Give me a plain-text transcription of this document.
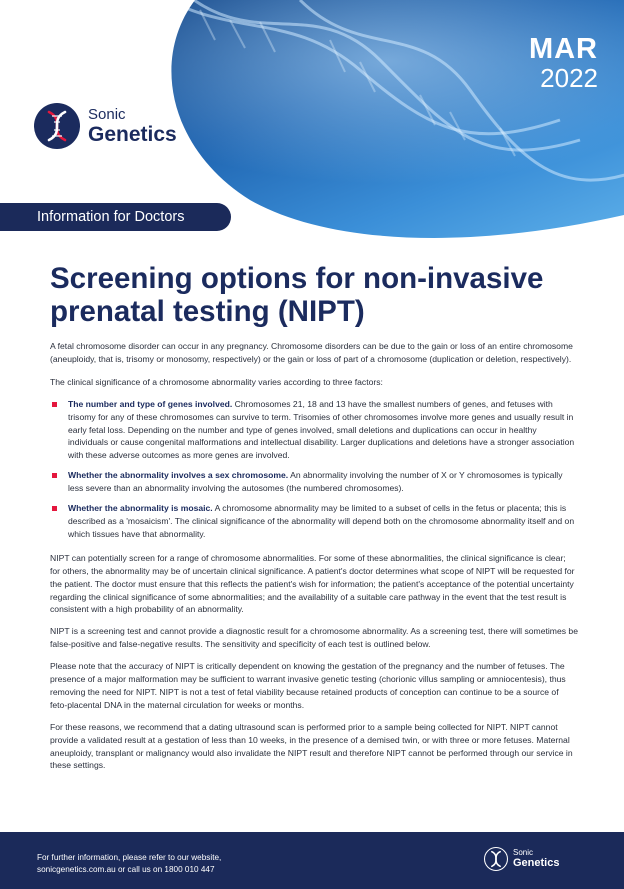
MAR
2022
Sonic
Genetics
Information for Doctors
Screening options for non-invasive prenatal testing (NIPT)

A fetal chromosome disorder can occur in any pregnancy. Chromosome disorders can be due to the gain or loss of an entire chromosome (aneuploidy, that is, trisomy or monosomy, respectively) or the gain or loss of part of a chromosome (duplication or deletion, respectively).

The clinical significance of a chromosome abnormality varies according to three factors:

The number and type of genes involved. Chromosomes 21, 18 and 13 have the smallest numbers of genes, and fetuses with trisomy for any of these chromosomes can survive to term. Trisomies of other chromosomes involve more genes and usually result in early fetal loss. Depending on the number and type of genes involved, small deletions and duplications can occur in healthy individuals or cause congenital malformations and intellectual disability. Larger duplications and deletions have a stronger association with these adverse outcomes as more genes are involved.
Whether the abnormality involves a sex chromosome. An abnormality involving the number of X or Y chromosomes is typically less severe than an abnormality involving the autosomes (the numbered chromosomes).
Whether the abnormality is mosaic. A chromosome abnormality may be limited to a subset of cells in the fetus or placenta; this is described as a 'mosaicism'. The clinical significance of the abnormality will depend both on the chromosome abnormality itself and on which tissues have that abnormality.

NIPT can potentially screen for a range of chromosome abnormalities. For some of these abnormalities, the clinical significance is clear; for others, the abnormality may be of uncertain clinical significance. A patient's doctor determines what scope of NIPT will be requested for the patient. The doctor must ensure that this reflects the patient's wish for information; the patient's acceptance of the potential uncertainty regarding the clinical significance of some abnormalities; and the availability of a suitable care pathway in the event that the test result is consistent with a high probability of an abnormality.

NIPT is a screening test and cannot provide a diagnostic result for a chromosome abnormality. As a screening test, there will sometimes be false-positive and false-negative results. The sensitivity and specificity of each test is outlined below.

Please note that the accuracy of NIPT is critically dependent on knowing the gestation of the pregnancy and the number of fetuses. The presence of a major malformation may be sufficient to warrant invasive genetic testing (chorionic villus sampling or amniocentesis), thus removing the need for NIPT. NIPT is not a test of fetal viability because retained products of conception can continue to be a source of feto-placental DNA in the maternal circulation for weeks or months.

For these reasons, we recommend that a dating ultrasound scan is performed prior to a sample being collected for NIPT. NIPT cannot provide a validated result at a gestation of less than 10 weeks, in the presence of a demised twin, or with three or more fetuses. Maternal aneuploidy, transplant or malignancy would also invalidate the NIPT result and therefore NIPT cannot be performed through our service in these settings.

For further information, please refer to our website,
sonicgenetics.com.au or call us on 1800 010 447
Sonic
Genetics
